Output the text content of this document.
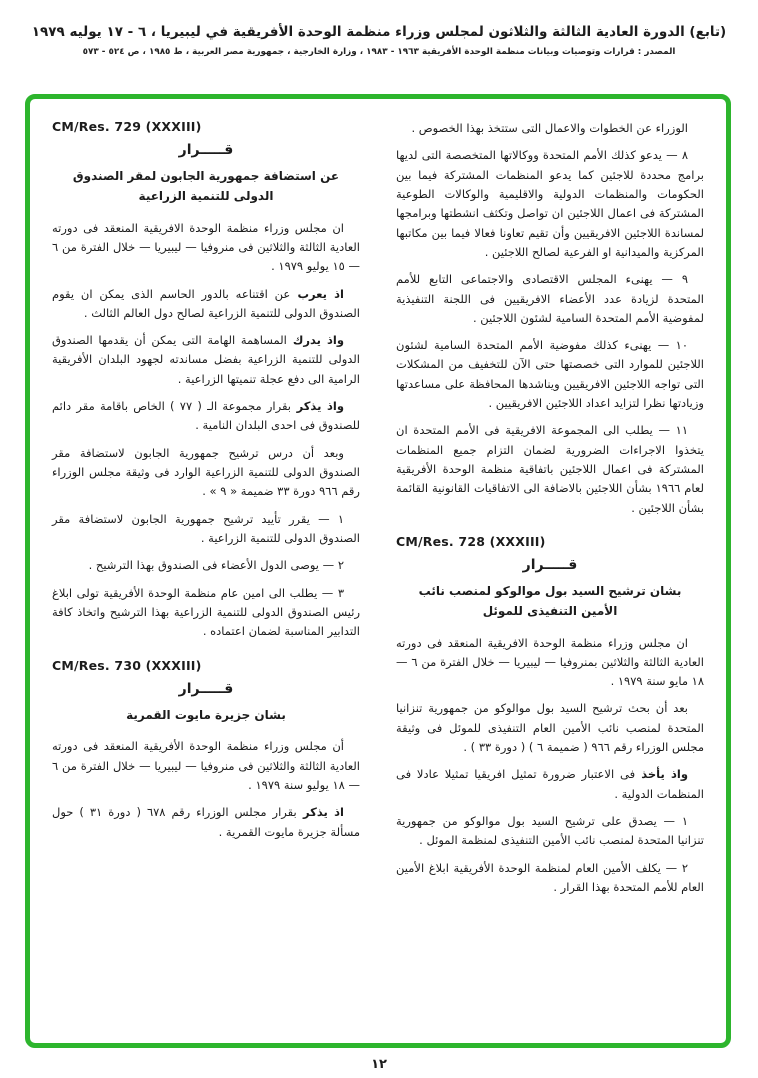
(تابع) الدورة العادية الثالثة والثلاثون لمجلس وزراء منظمة الوحدة الأفريقية في ليبيريا ، ٦ - ١٧ يوليه ١٩٧٩
المصدر : قرارات وتوصيات وبيانات منظمة الوحدة الأفريقية ١٩٦٣ - ١٩٨٣ ، وزارة الخارجية ، جمهورية مصر العربية ، ط ١٩٨٥ ، ص ٥٢٤ - ٥٧٣

الوزراء عن الخطوات والاعمال التى ستتخذ بهذا الخصوص .

٨ — يدعو كذلك الأمم المتحدة ووكالاتها المتخصصة التى لديها برامج محددة للاجئين كما يدعو المنظمات المشتركة فيما بين الحكومات والمنظمات الدولية والاقليمية والوكالات الطوعية المشتركة فى اعمال اللاجئين ان تواصل وتكثف انشطتها وبرامجها لمساندة اللاجئين الافريقيين وأن تقيم تعاونا فعالا فيما بين مكاتبها المركزية والميدانية او الفرعية لصالح اللاجئين .

٩ — يهنىء المجلس الاقتصادى والاجتماعى التابع للأمم المتحدة لزيادة عدد الأعضاء الافريقيين فى اللجنة التنفيذية لمفوضية الأمم المتحدة السامية لشئون اللاجئين .

١٠ — يهنىء كذلك مفوضية الأمم المتحدة السامية لشئون اللاجئين للموارد التى خصصتها حتى الآن للتخفيف من المشكلات التى تواجه اللاجئين الافريقيين ويناشدها المحافظة على مساعدتها وزيادتها نظرا لتزايد اعداد اللاجئين الافريقيين .

١١ — يطلب الى المجموعة الافريقية فى الأمم المتحدة ان يتخذوا الاجراءات الضرورية لضمان التزام جميع المنظمات المشتركة فى اعمال اللاجئين باتفاقية منظمة الوحدة الأفريقية لعام ١٩٦٦ بشأن اللاجئين بالاضافة الى الاتفاقيات القانونية القائمة بشأن اللاجئين .

CM/Res. 728 (XXXIII)
قـــــرار
بشان ترشيح السيد بول موالوكو لمنصب نائب الأمين التنفيذى للموئل

ان مجلس وزراء منظمة الوحدة الافريقية المنعقد فى دورته العادية الثالثة والثلاثين بمنروفيا — ليبيريا — خلال الفترة من ٦ — ١٨ مايو سنة ١٩٧٩ .

بعد أن بحث ترشيح السيد بول موالوكو من جمهورية تنزانيا المتحدة لمنصب نائب الأمين العام التنفيذى للموئل فى وثيقة مجلس الوزراء رقم ٩٦٦ ( ضميمة ٦ ) ( دورة ٣٣ ) .

واذ يأخذ فى الاعتبار ضرورة تمثيل افريقيا تمثيلا عادلا فى المنظمات الدولية .

١ — يصدق على ترشيح السيد بول موالوكو من جمهورية تنزانيا المتحدة لمنصب نائب الأمين التنفيذى لمنظمة الموئل .

٢ — يكلف الأمين العام لمنظمة الوحدة الأفريقية ابلاغ الأمين العام للأمم المتحدة بهذا القرار .

CM/Res. 729 (XXXIII)
قـــــرار
عن استضافة جمهورية الجابون لمقر الصندوق الدولى للتنمية الزراعية

ان مجلس وزراء منظمة الوحدة الافريقية المنعقد فى دورته العادية الثالثة والثلاثين فى منروفيا — ليبيريا — خلال الفترة من ٦ — ١٥ يوليو ١٩٧٩ .

اذ يعرب عن اقتناعه بالدور الحاسم الذى يمكن ان يقوم الصندوق الدولى للتنمية الزراعية لصالح دول العالم الثالث .

واذ يدرك المساهمة الهامة التى يمكن أن يقدمها الصندوق الدولى للتنمية الزراعية بفضل مساندته لجهود البلدان الأفريقية الرامية الى دفع عجلة تنميتها الزراعية .

واذ يذكر بقرار مجموعة الـ ( ٧٧ ) الخاص باقامة مقر دائم للصندوق فى احدى البلدان النامية .

وبعد أن درس ترشيح جمهورية الجابون لاستضافة مقر الصندوق الدولى للتنمية الزراعية الوارد فى وثيقة مجلس الوزراء رقم ٩٦٦ دورة ٣٣ ضميمة « ٩ » .

١ — يقرر تأييد ترشيح جمهورية الجابون لاستضافة مقر الصندوق الدولى للتنمية الزراعية .

٢ — يوصى الدول الأعضاء فى الصندوق بهذا الترشيح .

٣ — يطلب الى امين عام منظمة الوحدة الأفريقية تولى ابلاغ رئيس الصندوق الدولى للتنمية الزراعية بهذا الترشيح واتخاذ كافة التدابير المناسبة لضمان اعتماده .

CM/Res. 730 (XXXIII)
قـــــرار
بشان جزيرة مايوت القمرية

أن مجلس وزراء منظمة الوحدة الأفريقية المنعقد فى دورته العادية الثالثة والثلاثين فى منروفيا — ليبيريا — خلال الفترة من ٦ — ١٨ يوليو سنة ١٩٧٩ .

اذ يذكر بقرار مجلس الوزراء رقم ٦٧٨ ( دورة ٣١ ) حول مسألة جزيرة مايوت القمرية .

١٢
